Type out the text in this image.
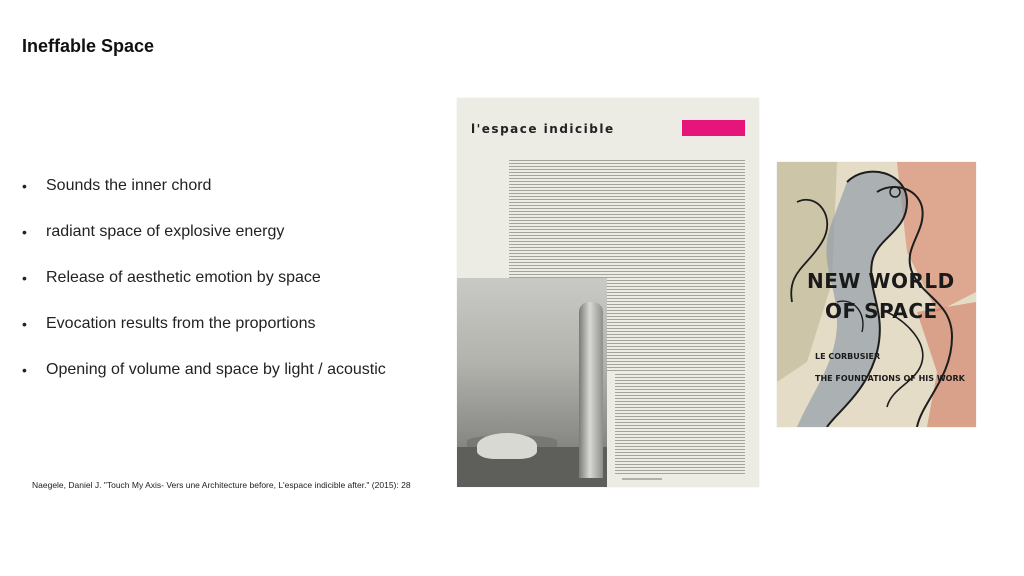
Ineffable Space
• Sounds the inner chord
• radiant space of explosive energy
• Release of aesthetic emotion by space
• Evocation results from the proportions
• Opening of volume and space by light / acoustic
Naegele, Daniel J. "Touch My Axis- Vers une Architecture before, L'espace indicible after." (2015): 28
l'espace indicible
NEW WORLD
OF SPACE
LE CORBUSIER
THE FOUNDATIONS OF HIS WORK
